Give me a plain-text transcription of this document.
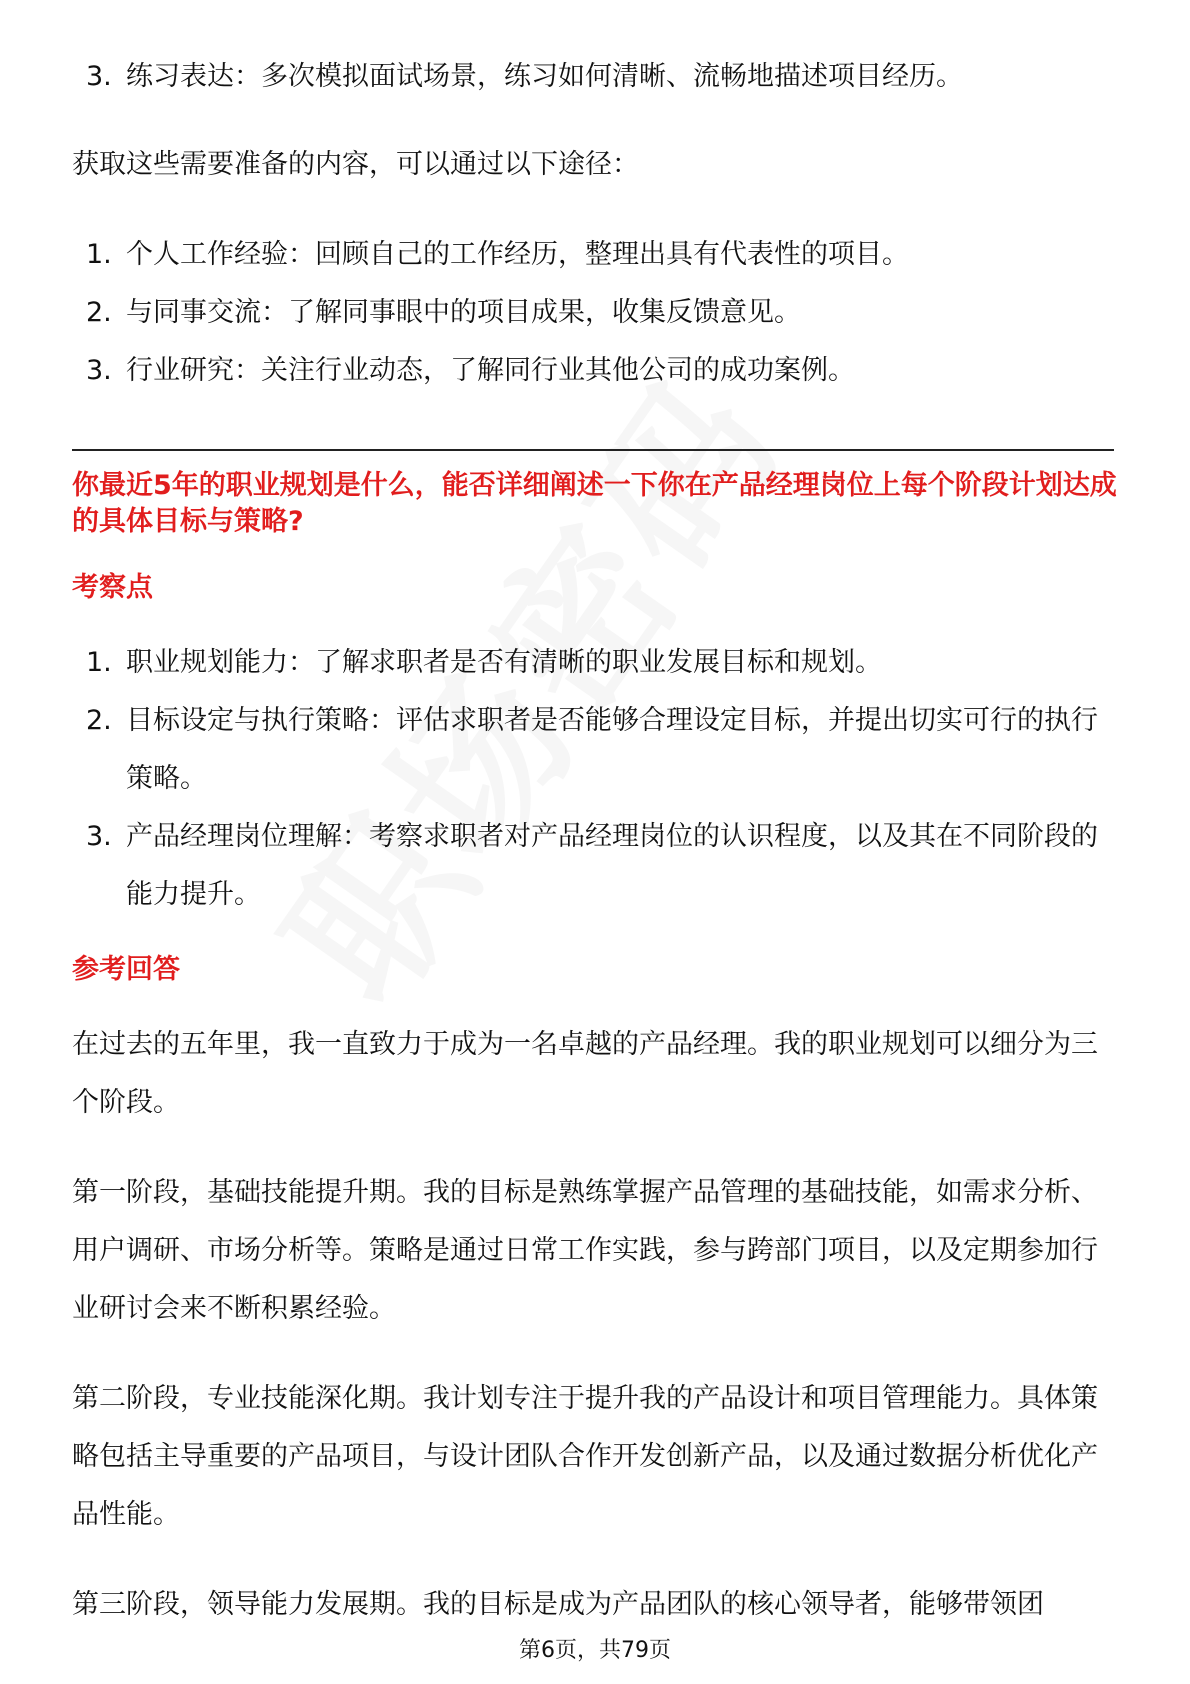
3. 练习表达：多次模拟面试场景，练习如何清晰、流畅地描述项目经历。
获取这些需要准备的内容，可以通过以下途径：
1. 个人工作经验：回顾自己的工作经历，整理出具有代表性的项目。
2. 与同事交流：了解同事眼中的项目成果，收集反馈意见。
3. 行业研究：关注行业动态，了解同行业其他公司的成功案例。
你最近5年的职业规划是什么，能否详细阐述一下你在产品经理岗位上每个阶段计划达成的具体目标与策略?
考察点
1. 职业规划能力：了解求职者是否有清晰的职业发展目标和规划。
2. 目标设定与执行策略：评估求职者是否能够合理设定目标，并提出切实可行的执行策略。
3. 产品经理岗位理解：考察求职者对产品经理岗位的认识程度，以及其在不同阶段的能力提升。
参考回答
在过去的五年里，我一直致力于成为一名卓越的产品经理。我的职业规划可以细分为三个阶段。
第一阶段，基础技能提升期。我的目标是熟练掌握产品管理的基础技能，如需求分析、用户调研、市场分析等。策略是通过日常工作实践，参与跨部门项目，以及定期参加行业研讨会来不断积累经验。
第二阶段，专业技能深化期。我计划专注于提升我的产品设计和项目管理能力。具体策略包括主导重要的产品项目，与设计团队合作开发创新产品，以及通过数据分析优化产品性能。
第三阶段，领导能力发展期。我的目标是成为产品团队的核心领导者，能够带领团
第6页，共79页
